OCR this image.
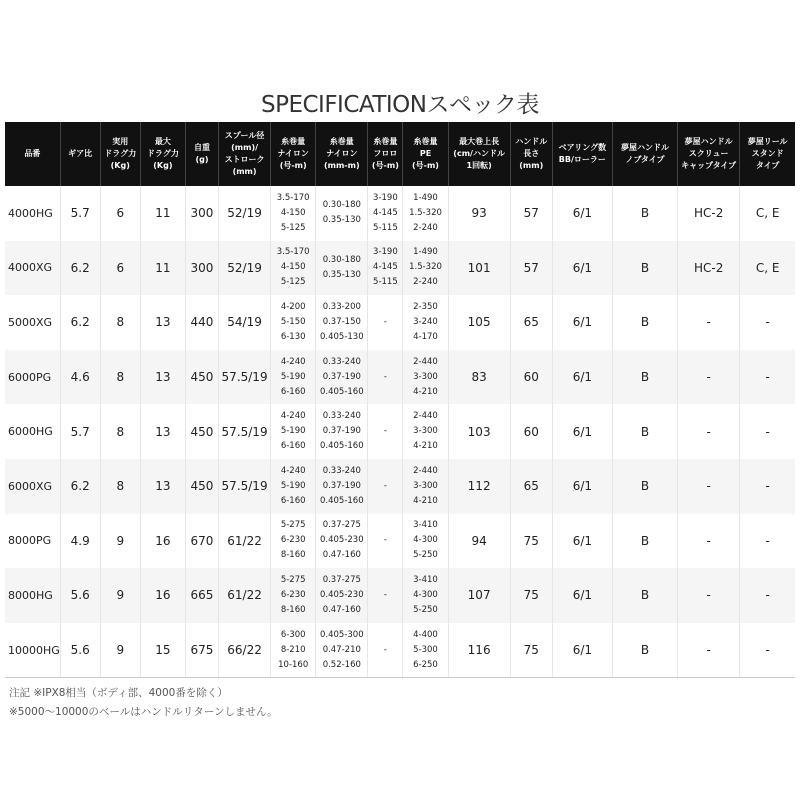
SPECIFICATIONスペック表
品番	ギア比	実用
ドラグ力
(Kg)	最大
ドラグ力
(Kg)	自重
(g)	スプール径
(mm)/
ストローク
(mm)	糸巻量
ナイロン
(号-m)	糸巻量
ナイロン
(mm-m)	糸巻量
フロロ
(号-m)	糸巻量
PE
(号-m)	最大巻上長
(cm/ハンドル
1回転)	ハンドル
長さ
(mm)	ベアリング数
BB/ローラー	夢屋ハンドル
ノブタイプ	夢屋ハンドル
スクリュー
キャップタイプ	夢屋リール
スタンド
タイプ
4000HG	5.7	6	11	300	52/19	3.5-170
4-150
5-125	0.30-180
0.35-130	3-190
4-145
5-115	1-490
1.5-320
2-240	93	57	6/1	B	HC-2	C, E
4000XG	6.2	6	11	300	52/19	3.5-170
4-150
5-125	0.30-180
0.35-130	3-190
4-145
5-115	1-490
1.5-320
2-240	101	57	6/1	B	HC-2	C, E
5000XG	6.2	8	13	440	54/19	4-200
5-150
6-130	0.33-200
0.37-150
0.405-130	-	2-350
3-240
4-170	105	65	6/1	B	-	-
6000PG	4.6	8	13	450	57.5/19	4-240
5-190
6-160	0.33-240
0.37-190
0.405-160	-	2-440
3-300
4-210	83	60	6/1	B	-	-
6000HG	5.7	8	13	450	57.5/19	4-240
5-190
6-160	0.33-240
0.37-190
0.405-160	-	2-440
3-300
4-210	103	60	6/1	B	-	-
6000XG	6.2	8	13	450	57.5/19	4-240
5-190
6-160	0.33-240
0.37-190
0.405-160	-	2-440
3-300
4-210	112	65	6/1	B	-	-
8000PG	4.9	9	16	670	61/22	5-275
6-230
8-160	0.37-275
0.405-230
0.47-160	-	3-410
4-300
5-250	94	75	6/1	B	-	-
8000HG	5.6	9	16	665	61/22	5-275
6-230
8-160	0.37-275
0.405-230
0.47-160	-	3-410
4-300
5-250	107	75	6/1	B	-	-
10000HG	5.6	9	15	675	66/22	6-300
8-210
10-160	0.405-300
0.47-210
0.52-160	-	4-400
5-300
6-250	116	75	6/1	B	-	-
注記 ※IPX8相当（ボディ部、4000番を除く）
※5000〜10000のベールはハンドルリターンしません。
